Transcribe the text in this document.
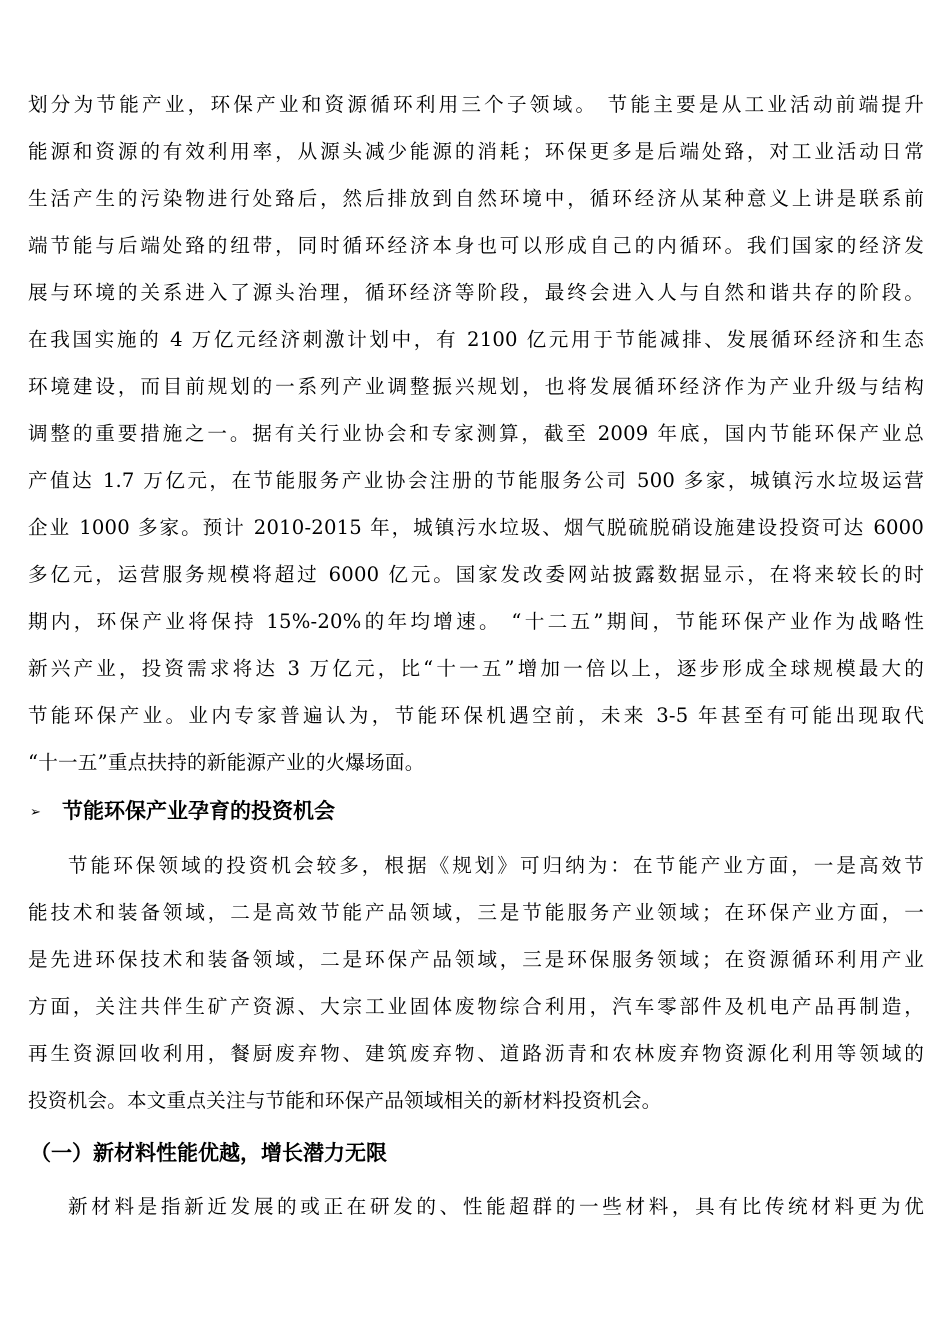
划分为节能产业，环保产业和资源循环利用三个子领域。 节能主要是从工业活动前端提升
能源和资源的有效利用率，从源头减少能源的消耗；环保更多是后端处臵，对工业活动日常
生活产生的污染物进行处臵后，然后排放到自然环境中，循环经济从某种意义上讲是联系前
端节能与后端处臵的纽带，同时循环经济本身也可以形成自己的内循环。我们国家的经济发
展与环境的关系进入了源头治理，循环经济等阶段，最终会进入人与自然和谐共存的阶段。
在我国实施的 4 万亿元经济刺激计划中，有 2100 亿元用于节能减排、发展循环经济和生态
环境建设，而目前规划的一系列产业调整振兴规划，也将发展循环经济作为产业升级与结构
调整的重要措施之一。据有关行业协会和专家测算，截至 2009 年底，国内节能环保产业总
产值达 1.7 万亿元，在节能服务产业协会注册的节能服务公司 500 多家，城镇污水垃圾运营
企业 1000 多家。预计 2010-2015 年，城镇污水垃圾、烟气脱硫脱硝设施建设投资可达 6000
多亿元，运营服务规模将超过 6000 亿元。国家发改委网站披露数据显示，在将来较长的时
期内，环保产业将保持 15%-20%的年均增速。 “十二五”期间，节能环保产业作为战略性
新兴产业，投资需求将达 3 万亿元，比“十一五”增加一倍以上，逐步形成全球规模最大的
节能环保产业。业内专家普遍认为，节能环保机遇空前，未来 3-5 年甚至有可能出现取代
“十一五”重点扶持的新能源产业的火爆场面。
➢ 节能环保产业孕育的投资机会
节能环保领域的投资机会较多，根据《规划》可归纳为：在节能产业方面，一是高效节
能技术和装备领域，二是高效节能产品领域，三是节能服务产业领域；在环保产业方面，一
是先进环保技术和装备领域，二是环保产品领域，三是环保服务领域；在资源循环利用产业
方面，关注共伴生矿产资源、大宗工业固体废物综合利用，汽车零部件及机电产品再制造，
再生资源回收利用，餐厨废弃物、建筑废弃物、道路沥青和农林废弃物资源化利用等领域的
投资机会。本文重点关注与节能和环保产品领域相关的新材料投资机会。
（一）新材料性能优越，增长潜力无限
新材料是指新近发展的或正在研发的、性能超群的一些材料，具有比传统材料更为优
